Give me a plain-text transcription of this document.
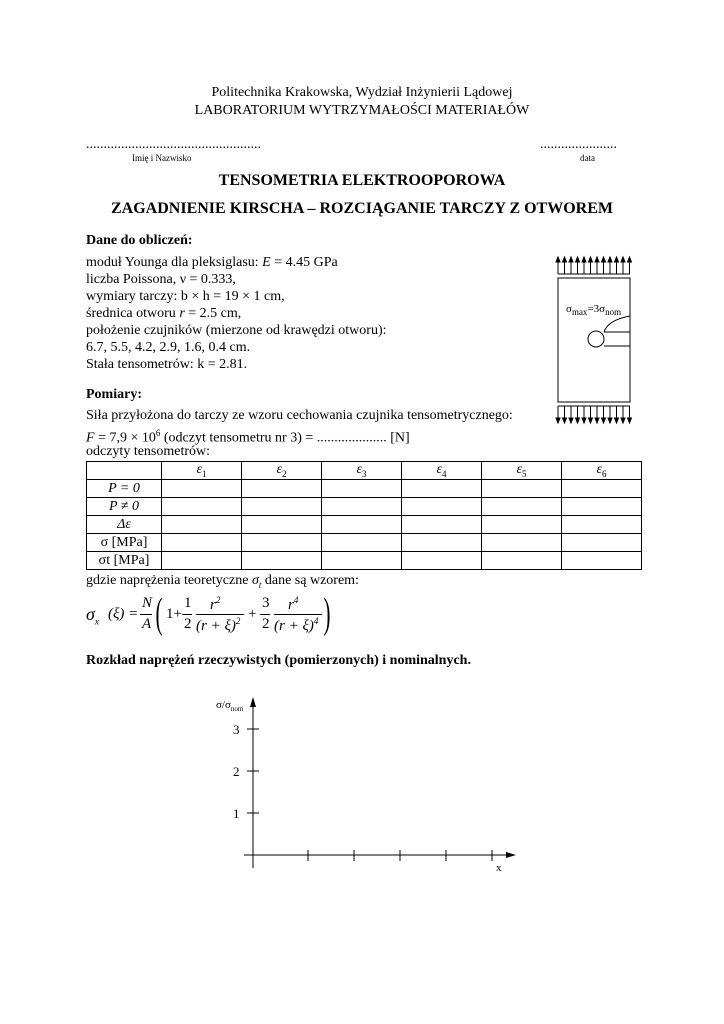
Politechnika Krakowska, Wydział Inżynierii Lądowej
LABORATORIUM WYTRZYMAŁOŚCI MATERIAŁÓW
..................................................
Imię i Nazwisko
......................
data
TENSOMETRIA ELEKTROOPOROWA
ZAGADNIENIE KIRSCHA – ROZCIĄGANIE TARCZY Z OTWOREM
Dane do obliczeń:
moduł Younga dla pleksiglasu: E = 4.45 GPa
liczba Poissona, ν = 0.333,
wymiary tarczy: b × h = 19 × 1 cm,
średnica otworu r = 2.5 cm,
położenie czujników (mierzone od krawędzi otworu):
6.7, 5.5, 4.2, 2.9, 1.6, 0.4 cm.
Stała tensometrów: k = 2.81.
$\sigma_{max}=3\sigma_{nom}$
Pomiary:
Siła przyłożona do tarczy ze wzoru cechowania czujnika tensometrycznego:
$F = 7,9 \times 10^6$ (odczyt tensometru nr 3) = .................... [N]
odczyty tensometrów:
	$\varepsilon_1$	$\varepsilon_2$	$\varepsilon_3$	$\varepsilon_4$	$\varepsilon_5$	$\varepsilon_6$
P = 0						
P ≠ 0						
Δε						
σ [MPa]						
σt [MPa]						
gdzie naprężenia teoretyczne $\sigma_t$ dane są wzorem:
$\sigma_x$ (ξ) =
N
A ( 1+
1
2
$r^2$
$(r + \xi)^2$ +
3
2
$r^4$
$(r + \xi)^4$ )
Rozkład naprężeń rzeczywistych (pomierzonych) i nominalnych.
$\sigma/\sigma_{nom}$
x
1
2
3
